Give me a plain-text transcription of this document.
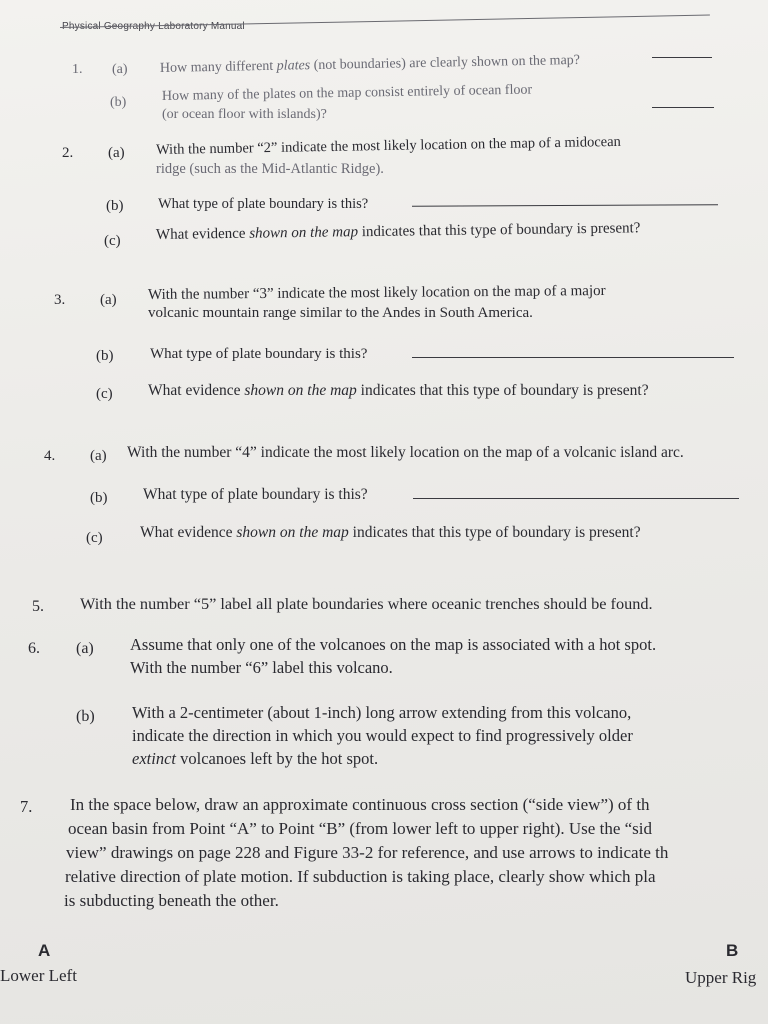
Physical Geography Laboratory Manual
1. (a) How many different plates (not boundaries) are clearly shown on the map?
(b)	How many of the plates on the map consist entirely of ocean floor
(or ocean floor with islands)?
2. (a) With the number “2” indicate the most likely location on the map of a midocean
ridge (such as the Mid-Atlantic Ridge).
(b) What type of plate boundary is this?
(c) What evidence shown on the map indicates that this type of boundary is present?
3. (a) With the number “3” indicate the most likely location on the map of a major
volcanic mountain range similar to the Andes in South America.
(b) What type of plate boundary is this?
(c) What evidence shown on the map indicates that this type of boundary is present?
4. (a) With the number “4” indicate the most likely location on the map of a volcanic island arc.
(b) What type of plate boundary is this?
(c) What evidence shown on the map indicates that this type of boundary is present?
5. With the number “5” label all plate boundaries where oceanic trenches should be found.
6. (a) Assume that only one of the volcanoes on the map is associated with a hot spot.
With the number “6” label this volcano.
(b) With a 2-centimeter (about 1-inch) long arrow extending from this volcano,
indicate the direction in which you would expect to find progressively older
extinct volcanoes left by the hot spot.
7. In the space below, draw an approximate continuous cross section (“side view”) of th
ocean basin from Point “A” to Point “B” (from lower left to upper right). Use the “sid
view” drawings on page 228 and Figure 33-2 for reference, and use arrows to indicate th
relative direction of plate motion. If subduction is taking place, clearly show which pla
is subducting beneath the other.
A
Lower Left
B
Upper Rig
